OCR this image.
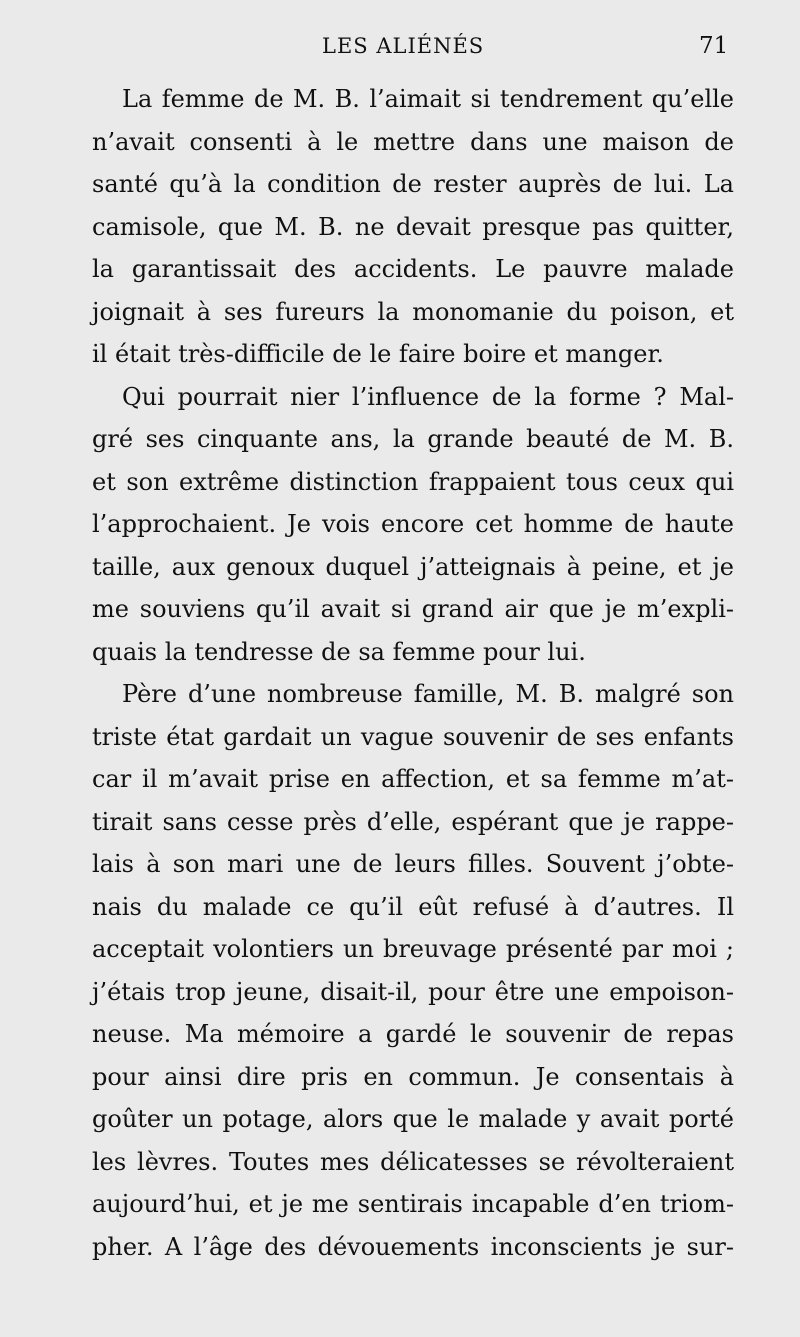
LES ALIÉNÉS	71
La femme de M. B. l’aimait si tendrement qu’elle
n’avait consenti à le mettre dans une maison de
santé qu’à la condition de rester auprès de lui. La
camisole, que M. B. ne devait presque pas quitter,
la garantissait des accidents. Le pauvre malade
joignait à ses fureurs la monomanie du poison, et
il était très-difficile de le faire boire et manger.
Qui pourrait nier l’influence de la forme ? Mal-
gré ses cinquante ans, la grande beauté de M. B.
et son extrême distinction frappaient tous ceux qui
l’approchaient. Je vois encore cet homme de haute
taille, aux genoux duquel j’atteignais à peine, et je
me souviens qu’il avait si grand air que je m’expli-
quais la tendresse de sa femme pour lui.
Père d’une nombreuse famille, M. B. malgré son
triste état gardait un vague souvenir de ses enfants
car il m’avait prise en affection, et sa femme m’at-
tirait sans cesse près d’elle, espérant que je rappe-
lais à son mari une de leurs filles. Souvent j’obte-
nais du malade ce qu’il eût refusé à d’autres. Il
acceptait volontiers un breuvage présenté par moi ;
j’étais trop jeune, disait-il, pour être une empoison-
neuse. Ma mémoire a gardé le souvenir de repas
pour ainsi dire pris en commun. Je consentais à
goûter un potage, alors que le malade y avait porté
les lèvres. Toutes mes délicatesses se révolteraient
aujourd’hui, et je me sentirais incapable d’en triom-
pher. A l’âge des dévouements inconscients je sur-
